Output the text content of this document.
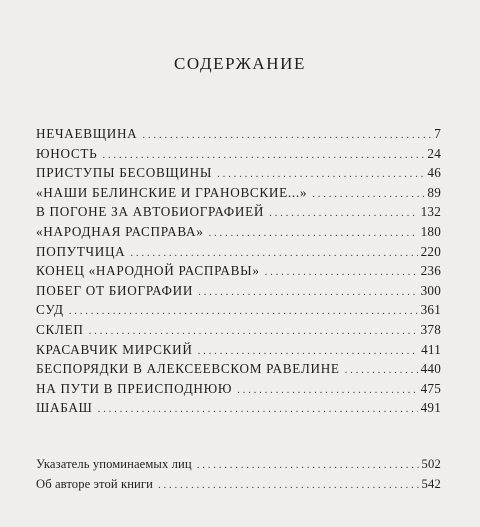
СОДЕРЖАНИЕ
НЕЧАЕВЩИНА . . .	7
ЮНОСТЬ . . .	24
ПРИСТУПЫ БЕСОВЩИНЫ . . .	46
«НАШИ БЕЛИНСКИЕ И ГРАНОВСКИЕ...» . . .	89
В ПОГОНЕ ЗА АВТОБИОГРАФИЕЙ . . .	132
«НАРОДНАЯ РАСПРАВА» . . .	180
ПОПУТЧИЦА . . .	220
КОНЕЦ «НАРОДНОЙ РАСПРАВЫ» . . .	236
ПОБЕГ ОТ БИОГРАФИИ . . .	300
СУД . . .	361
СКЛЕП . . .	378
КРАСАВЧИК МИРСКИЙ . . .	411
БЕСПОРЯДКИ В АЛЕКСЕЕВСКОМ РАВЕЛИНЕ . . .	440
НА ПУТИ В ПРЕИСПОДНЮЮ . . .	475
ШАБАШ . . .	491
Указатель упоминаемых лиц . . .	502
Об авторе этой книги . . .	542
